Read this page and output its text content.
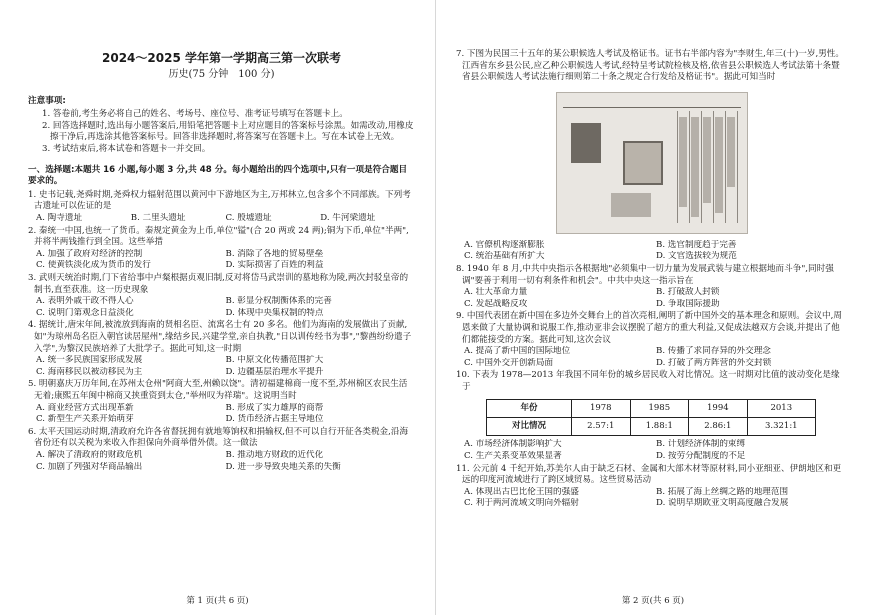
2024～2025 学年第一学期高三第一次联考
历史(75 分钟　100 分)
注意事项:
1. 答卷前,考生务必将自己的姓名、考场号、座位号、准考证号填写在答题卡上。
2. 回答选择题时,选出每小题答案后,用铅笔把答题卡上对应题目的答案标号涂黑。如需改动,用橡皮擦干净后,再选涂其他答案标号。回答非选择题时,将答案写在答题卡上。写在本试卷上无效。
3. 考试结束后,将本试卷和答题卡一并交回。
一、选择题:本题共 16 小题,每小题 3 分,共 48 分。每小题给出的四个选项中,只有一项是符合题目要求的。
1. 史书记载,尧舜时期,尧舜权力辐射范围以黄河中下游地区为主,万邦林立,包含多个不同部族。下列考古遗址可以佐证的是
A. 陶寺遗址	B. 二里头遗址	C. 殷墟遗址	D. 牛河梁遗址
2. 秦统一中国,也统一了货币。秦规定黄金为上币,单位"镒"(合 20 两或 24 两);铜为下币,单位"半两",并将半两钱推行到全国。这些举措
A. 加强了政府对经济的控制	B. 消除了各地的贸易壁垒
C. 使黄铁淡化成为货币的发行	D. 实际损害了百姓的利益
3. 武则天统治时期,门下省给事中卢粲根据贞观旧制,反对将岱马武崇训的墓地称为陵,两次封驳皇帝的制书,直至获准。这一历史现象
A. 表明外戚干政不得人心	B. 彰显分权制衡体系的完善
C. 说明门第观念日益淡化	D. 体现中央集权制的特点
4. 据统计,唐宋年间,被流放到海南的贤相名臣、流寓名士有 20 多名。他们为海南的发展做出了贡献,如"为琼州岛名臣入朝官读居屋州",缘结乡民,兴建学堂,亲自执教,"日以训传经书为事","黎酋纷纷遣子入学",为黎汉民族培养了大批学子。据此可知,这一时期
A. 统一多民族国家形成发展	B. 中原文化传播范围扩大
C. 海南移民以被动移民为主	D. 边疆基层治理水平提升
5. 明朝嘉庆万历年间,在苏州太仓州"阿商大至,州赖以饶"。清初福建棉商一度不至,苏州棉区农民生活无着;康熙五年闽中棉商又挟重资到太仓,"举州叹为祥瑞"。这说明当时
A. 商业经营方式出现革新	B. 形成了实力雄厚的商帮
C. 新型生产关系开始萌芽	D. 货币经济占据主导地位
6. 太平天国运动时期,清政府允许各省督抚拥有就地筹饷权和捐输权,但不可以自行开征各类税金,沿海省份还有以关税为来收入作担保向外商举借外债。这一做法
A. 解决了清政府的财政危机	B. 推动地方财政的近代化
C. 加剧了列强对华商品输出	D. 进一步导致央地关系的失衡
第 1 页(共 6 页)
7. 下图为民国三十五年的某公职候选人考试及格证书。证书右半部内容为"李财生,年三(十)一岁,男性。江西省东乡县公民,应乙种公职候选人考试,经特呈考试院检核及格,依省县公职候选人考试法第十条暨省县公职候选人考试法施行细则第二十条之规定合行发给及格证书"。据此可知当时
A. 官僚机构逐渐膨胀	B. 选官制度趋于完善
C. 统治基础有所扩大	D. 文官选拔较为规范
8. 1940 年 8 月,中共中央指示各根据地"必须集中一切力量为发展武装与建立根据地而斗争",同时强调"要善于利用一切有利条件和机会"。中共中央这一指示旨在
A. 壮大革命力量	B. 打破敌人封锁
C. 发起战略反攻	D. 争取国际援助
9. 中国代表团在新中国在多边外交舞台上的首次亮相,阐明了新中国外交的基本理念和原则。会议中,周恩来做了大量协调和说服工作,推动亚非会议摆脱了超方的重大利益,又促成法越双方会谈,并提出了他们都能接受的方案。据此可知,这次会议
A. 提高了新中国的国际地位	B. 传播了求同存异的外交理念
C. 中国外交开创新局面	D. 打破了两方阵营的外交封锁
10. 下表为 1978—2013 年我国不同年份的城乡居民收入对比情况。这一时期对比值的波动变化是缘于
年份	1978	1985	1994	2013
对比情况	2.57:1	1.88:1	2.86:1	3.321:1
A. 市场经济体制影响扩大	B. 计划经济体制的束缚
C. 生产关系变革效果显著	D. 按劳分配制度的不足
11. 公元前 4 千纪开始,苏美尔人由于缺乏石材、金属和大部木材等原材料,同小亚细亚、伊朗地区和更远的印度河流域进行了跨区域贸易。这些贸易活动
A. 体现出古巴比伦王国的强盛	B. 拓展了海上丝绸之路的地理范围
C. 利于两河流域文明向外辐射	D. 说明早期欧亚文明高度融合发展
第 2 页(共 6 页)
